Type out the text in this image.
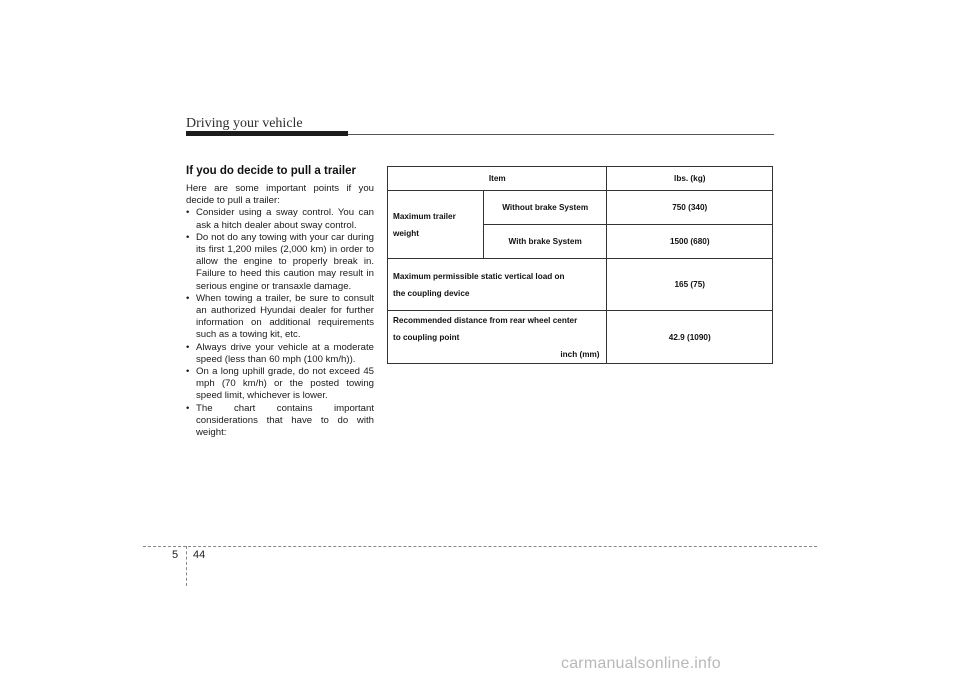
Driving your vehicle
If you do decide to pull a trailer

Here are some important points if you decide to pull a trailer:

• Consider using a sway control. You can ask a hitch dealer about sway control.
• Do not do any towing with your car during its first 1,200 miles (2,000 km) in order to allow the engine to properly break in. Failure to heed this caution may result in serious engine or transaxle damage.
• When towing a trailer, be sure to consult an authorized Hyundai dealer for further information on additional requirements such as a towing kit, etc.
• Always drive your vehicle at a moderate speed (less than 60 mph (100 km/h)).
• On a long uphill grade, do not exceed 45 mph (70 km/h) or the posted towing speed limit, whichever is lower.
• The chart contains important considerations that have to do with weight:
Item		lbs. (kg)
Maximum trailer
weight	Without brake System	750 (340)
	With brake System	1500 (680)
Maximum permissible static vertical load on
the coupling device		165 (75)
Recommended distance from rear wheel center
to coupling point
inch (mm)		42.9 (1090)
5 44
carmanualsonline.info
